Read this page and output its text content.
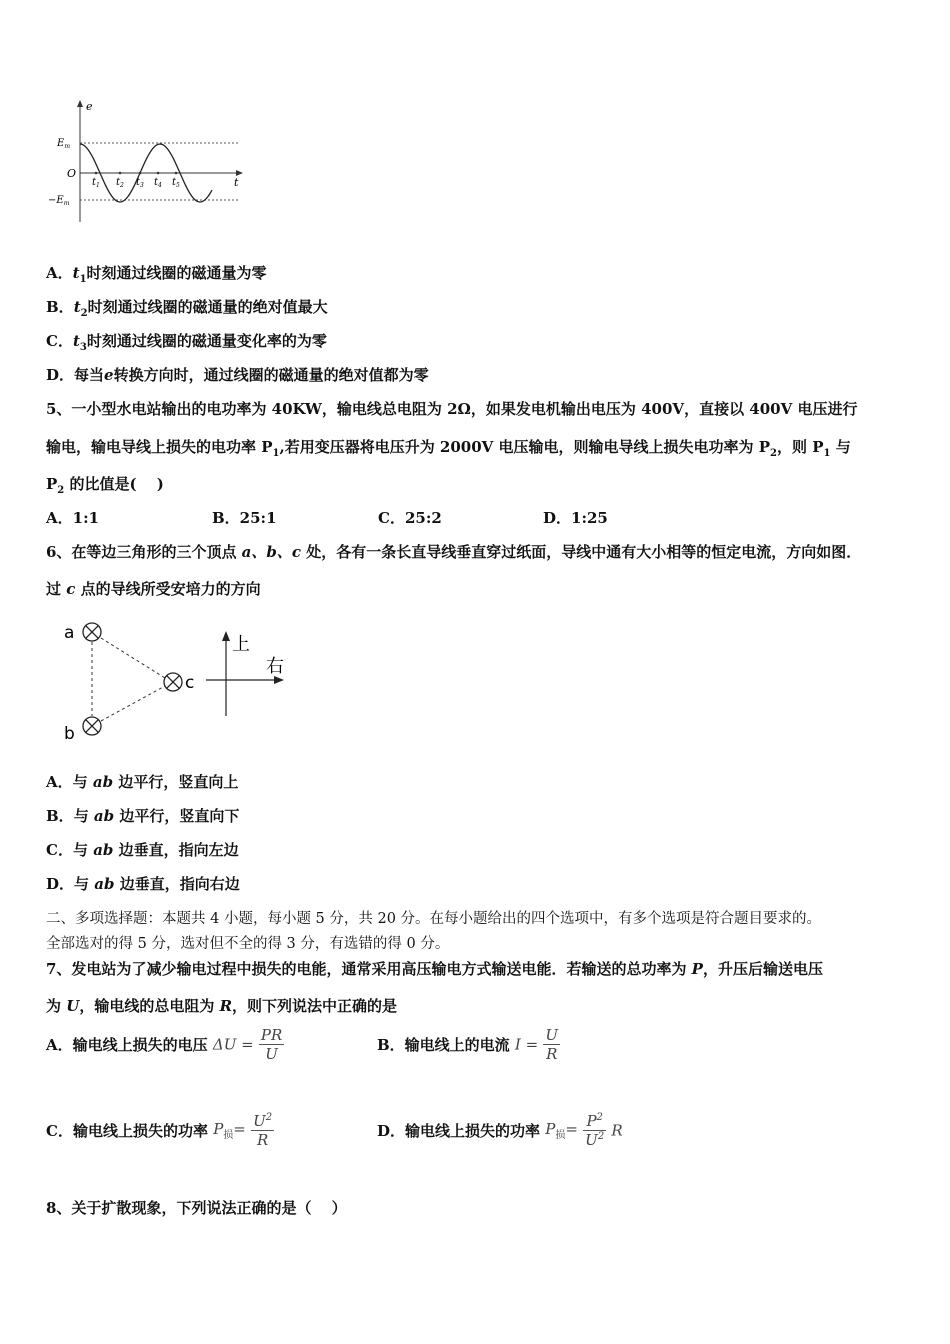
e
t
O
$E_m$
$-E_m$
$t_1$ $t_2$ $t_3$ $t_4$ $t_5$
A．$t_1$时刻通过线圈的磁通量为零
B．$t_2$时刻通过线圈的磁通量的绝对值最大
C．$t_3$时刻通过线圈的磁通量变化率的为零
D．每当e转换方向时，通过线圈的磁通量的绝对值都为零
5、一小型水电站输出的电功率为 40KW，输电线总电阻为 2Ω，如果发电机输出电压为 400V，直接以 400V 电压进行
输电，输电导线上损失的电功率 $P_1$,若用变压器将电压升为 2000V 电压输电，则输电导线上损失电功率为 $P_2$，则 $P_1$ 与
$P_2$ 的比值是(　 )
A．1:1	B．25:1	C．25:2	D．1:25
6、在等边三角形的三个顶点 a、b、c 处，各有一条长直导线垂直穿过纸面，导线中通有大小相等的恒定电流，方向如图．
过 c 点的导线所受安培力的方向
a
b
c
上
右
A．与 ab 边平行，竖直向上
B．与 ab 边平行，竖直向下
C．与 ab 边垂直，指向左边
D．与 ab 边垂直，指向右边
二、多项选择题：本题共 4 小题，每小题 5 分，共 20 分。在每小题给出的四个选项中，有多个选项是符合题目要求的。
全部选对的得 5 分，选对但不全的得 3 分，有选错的得 0 分。
7、发电站为了减少输电过程中损失的电能，通常采用高压输电方式输送电能．若输送的总功率为 P，升压后输送电压
为 U，输电线的总电阻为 R，则下列说法中正确的是
A．输电线上损失的电压 $\Delta U = \frac{PR}{U}$	B．输电线上的电流 $I = \frac{U}{R}$
C．输电线上损失的功率 $P_损= \frac{U^2}{R}$	D．输电线上损失的功率 $P_损= \frac{P^2}{U^2}$ R
8、关于扩散现象，下列说法正确的是（　 ）
